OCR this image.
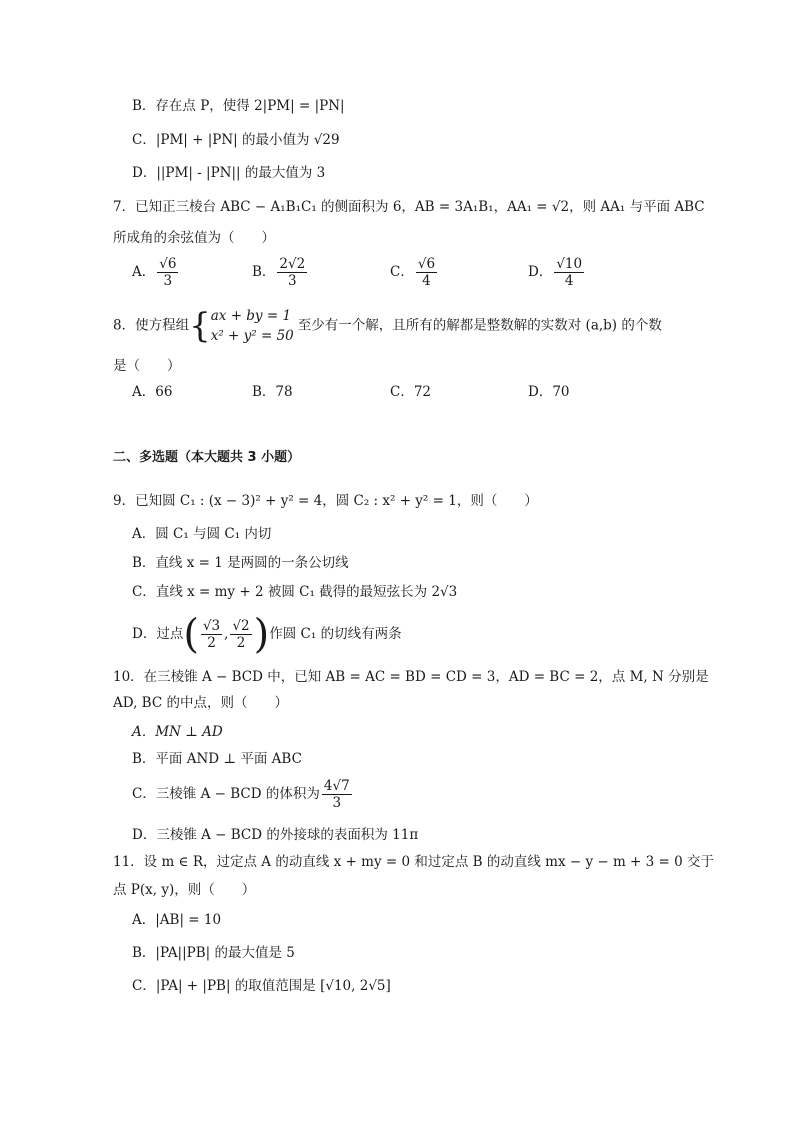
B．存在点 P，使得 2|PM| = |PN|
C．|PM| + |PN| 的最小值为 √29
D．||PM| - |PN|| 的最大值为 3
7．已知正三棱台 ABC − A₁B₁C₁ 的侧面积为 6，AB = 3A₁B₁，AA₁ = √2，则 AA₁ 与平面 ABC
所成角的余弦值为（　　）
A． $\frac{√6}{3}$	B． $\frac{2√2}{3}$	C． $\frac{√6}{4}$	D． $\frac{√10}{4}$
8．使方程组{ ax + by = 1
x² + y² = 50
至少有一个解，且所有的解都是整数解的实数对 (a,b) 的个数
是（　　）
A．66	B．78	C．72	D．70
二、多选题（本大题共 3 小题）
9．已知圆 C₁ : (x − 3)² + y² = 4，圆 C₂ : x² + y² = 1，则（　　）
A．圆 C₁ 与圆 C₁ 内切
B．直线 x = 1 是两圆的一条公切线
C．直线 x = my + 2 被圆 C₁ 截得的最短弦长为 2√3
D．过点( $\frac{√3}{2}$ , $\frac{√2}{2}$ )作圆 C₁ 的切线有两条
10．在三棱锥 A − BCD 中，已知 AB = AC = BD = CD = 3，AD = BC = 2，点 M, N 分别是
AD, BC 的中点，则（　　）
A．MN ⊥ AD
B．平面 AND ⊥ 平面 ABC
C．三棱锥 A − BCD 的体积为 $\frac{4√7}{3}$
D．三棱锥 A − BCD 的外接球的表面积为 11π
11．设 m ∈ R，过定点 A 的动直线 x + my = 0 和过定点 B 的动直线 mx − y − m + 3 = 0 交于
点 P(x, y)，则（　　）
A．|AB| = 10
B．|PA||PB| 的最大值是 5
C．|PA| + |PB| 的取值范围是 [√10, 2√5]
